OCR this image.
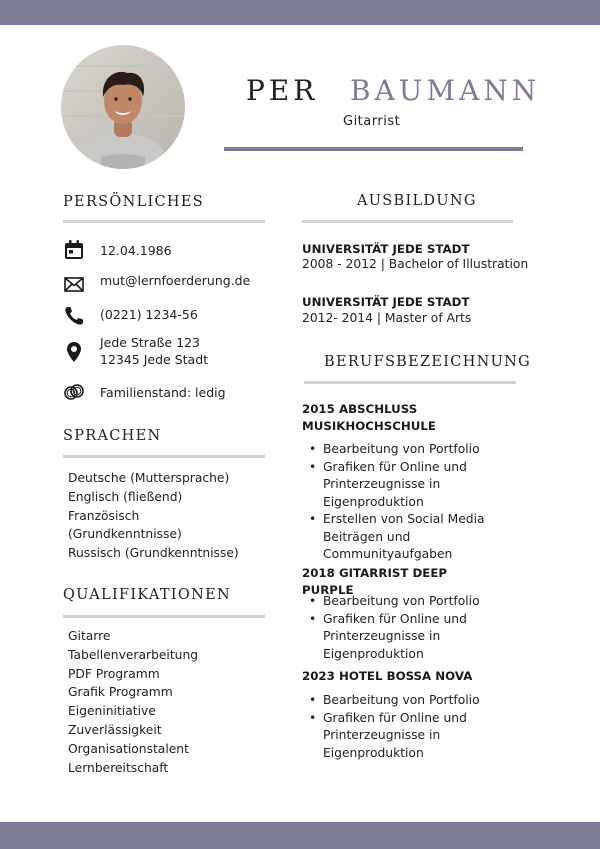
PER BAUMANN
Gitarrist
PERSÖNLICHES
12.04.1986
mut@lernfoerderung.de
(0221) 1234-56
Jede Straße 123
12345 Jede Stadt
Familienstand: ledig
SPRACHEN
Deutsche (Muttersprache)
Englisch (fließend)
Französisch
(Grundkenntnisse)
Russisch (Grundkenntnisse)
QUALIFIKATIONEN
Gitarre
Tabellenverarbeitung
PDF Programm
Grafik Programm
Eigeninitiative
Zuverlässigkeit
Organisationstalent
Lernbereitschaft
AUSBILDUNG
UNIVERSITÄT JEDE STADT
2008 - 2012 | Bachelor of Illustration
UNIVERSITÄT JEDE STADT
2012- 2014 | Master of Arts
BERUFSBEZEICHNUNG
2015 ABSCHLUSS MUSIKHOCHSCHULE
• Bearbeitung von Portfolio
• Grafiken für Online und
Printerzeugnisse in
Eigenproduktion
• Erstellen von Social Media
Beiträgen und
Communityaufgaben
2018 GITARRIST DEEP PURPLE
• Bearbeitung von Portfolio
• Grafiken für Online und
Printerzeugnisse in
Eigenproduktion
2023 HOTEL BOSSA NOVA
• Bearbeitung von Portfolio
• Grafiken für Online und
Printerzeugnisse in
Eigenproduktion
